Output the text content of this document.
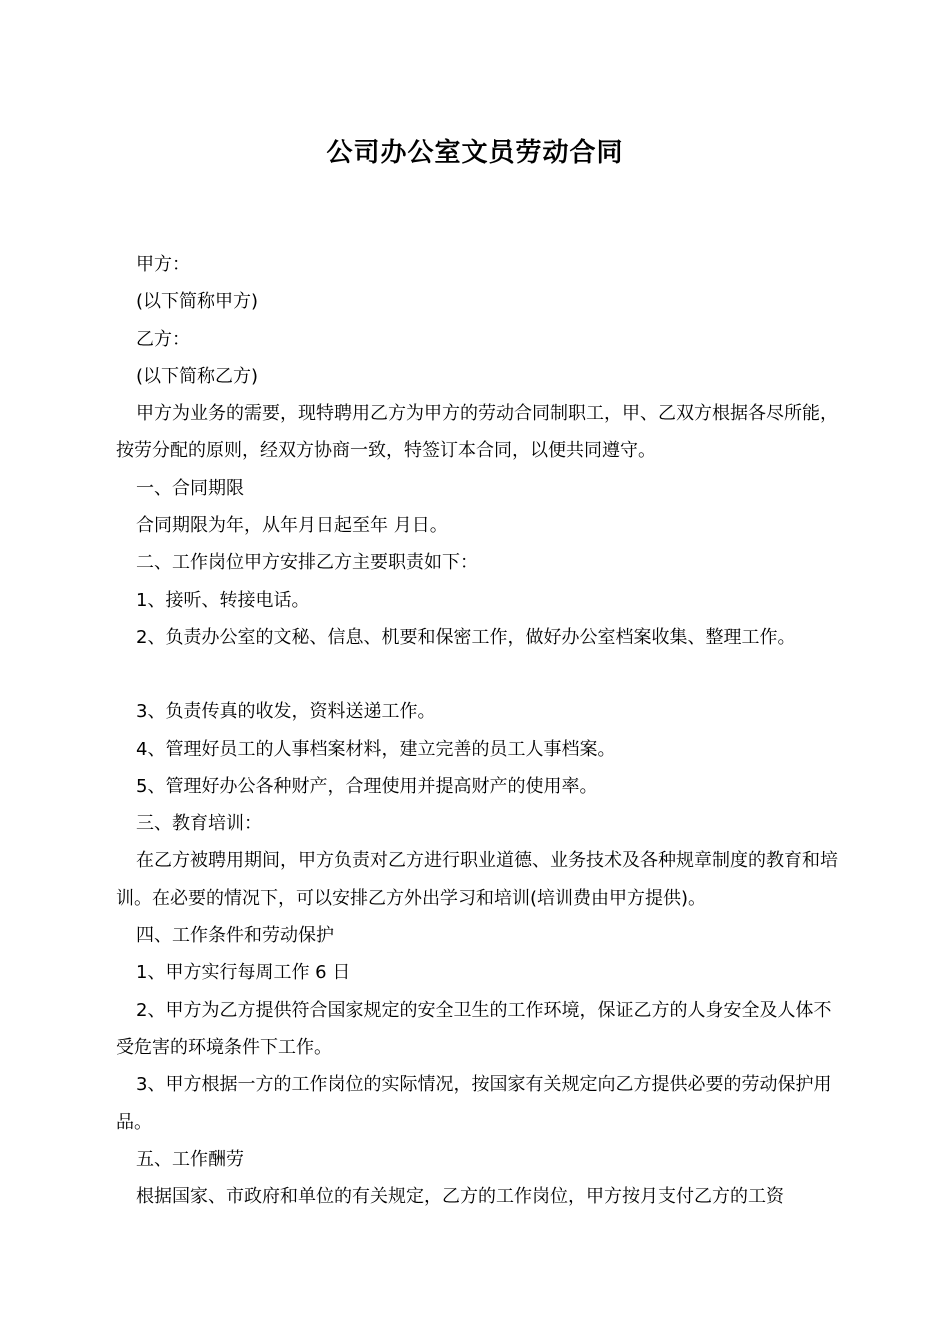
公司办公室文员劳动合同

甲方：

(以下简称甲方)

乙方：

(以下简称乙方)

甲方为业务的需要，现特聘用乙方为甲方的劳动合同制职工，甲、乙双方根据各尽所能，按劳分配的原则，经双方协商一致，特签订本合同，以便共同遵守。

一、合同期限

合同期限为年，从年月日起至年 月日。

二、工作岗位甲方安排乙方主要职责如下：

1、接听、转接电话。

2、负责办公室的文秘、信息、机要和保密工作，做好办公室档案收集、整理工作。

3、负责传真的收发，资料送递工作。

4、管理好员工的人事档案材料，建立完善的员工人事档案。

5、管理好办公各种财产，合理使用并提高财产的使用率。

三、教育培训：

在乙方被聘用期间，甲方负责对乙方进行职业道德、业务技术及各种规章制度的教育和培训。在必要的情况下，可以安排乙方外出学习和培训(培训费由甲方提供)。

四、工作条件和劳动保护

1、甲方实行每周工作 6 日

2、甲方为乙方提供符合国家规定的安全卫生的工作环境，保证乙方的人身安全及人体不受危害的环境条件下工作。

3、甲方根据一方的工作岗位的实际情况，按国家有关规定向乙方提供必要的劳动保护用品。

五、工作酬劳

根据国家、市政府和单位的有关规定，乙方的工作岗位，甲方按月支付乙方的工资
